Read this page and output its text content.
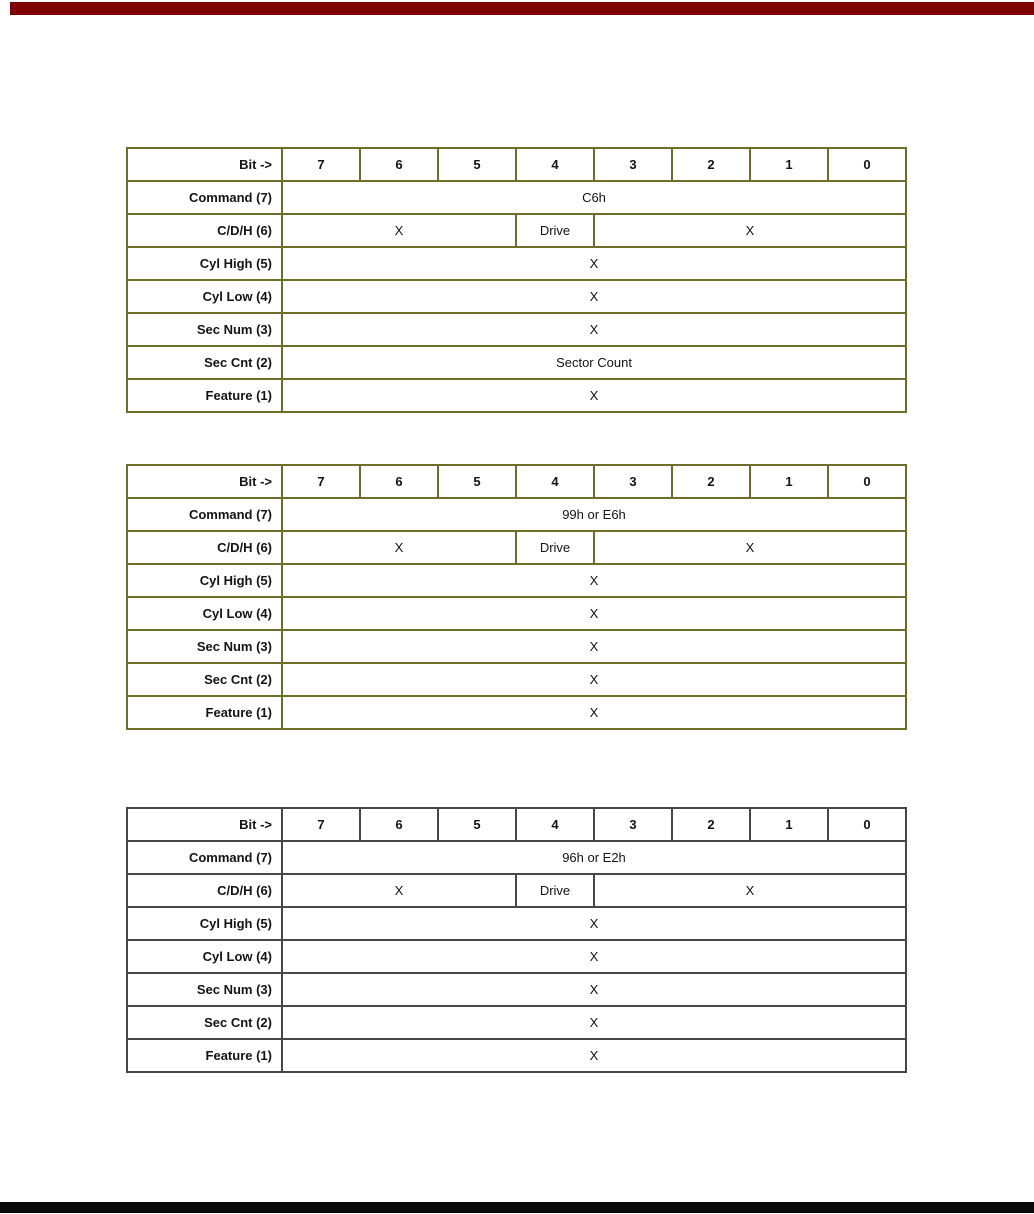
Bit ->	7	6	5	4	3	2	1	0
Command (7)	C6h							
C/D/H (6)	X			Drive	X			
Cyl High (5)	X							
Cyl Low (4)	X							
Sec Num (3)	X							
Sec Cnt (2)	Sector Count							
Feature (1)	X							
Bit ->	7	6	5	4	3	2	1	0
Command (7)	99h or E6h							
C/D/H (6)	X			Drive	X			
Cyl High (5)	X							
Cyl Low (4)	X							
Sec Num (3)	X							
Sec Cnt (2)	X							
Feature (1)	X							
Bit ->	7	6	5	4	3	2	1	0
Command (7)	96h or E2h							
C/D/H (6)	X			Drive	X			
Cyl High (5)	X							
Cyl Low (4)	X							
Sec Num (3)	X							
Sec Cnt (2)	X							
Feature (1)	X							
